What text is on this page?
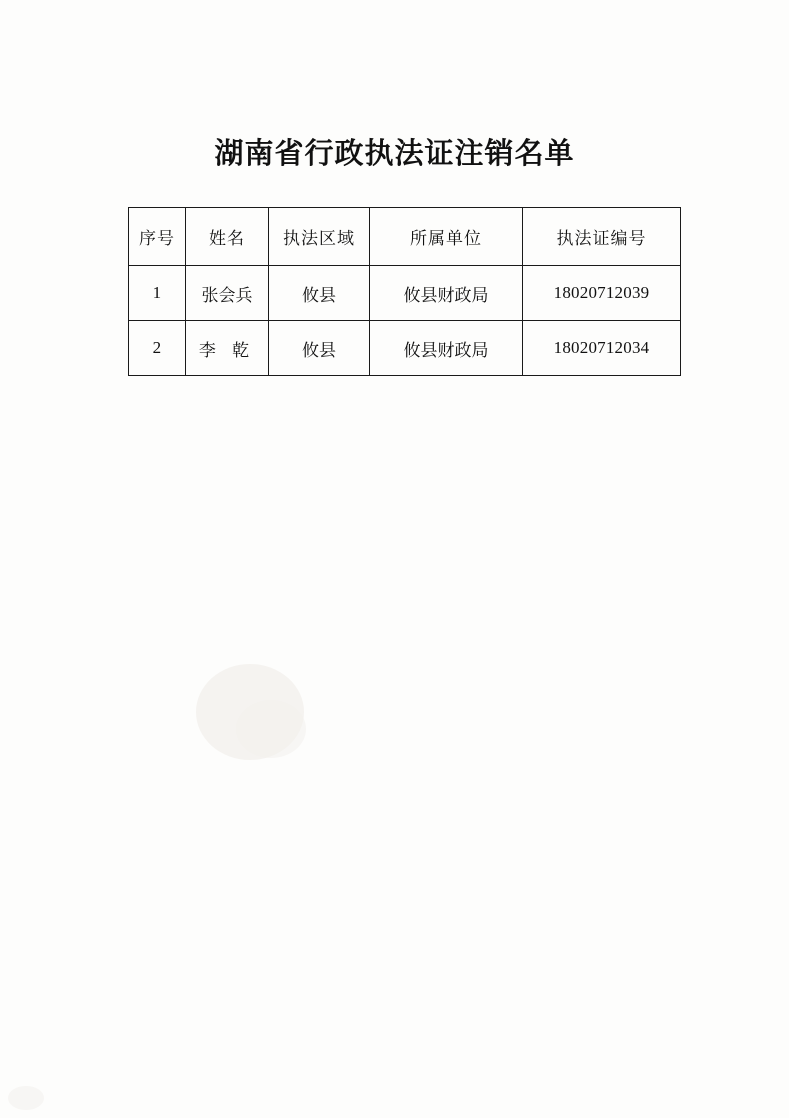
湖南省行政执法证注销名单
序号	姓名	执法区域	所属单位	执法证编号
1	张会兵	攸县	攸县财政局	18020712039
2	李 乾	攸县	攸县财政局	18020712034
